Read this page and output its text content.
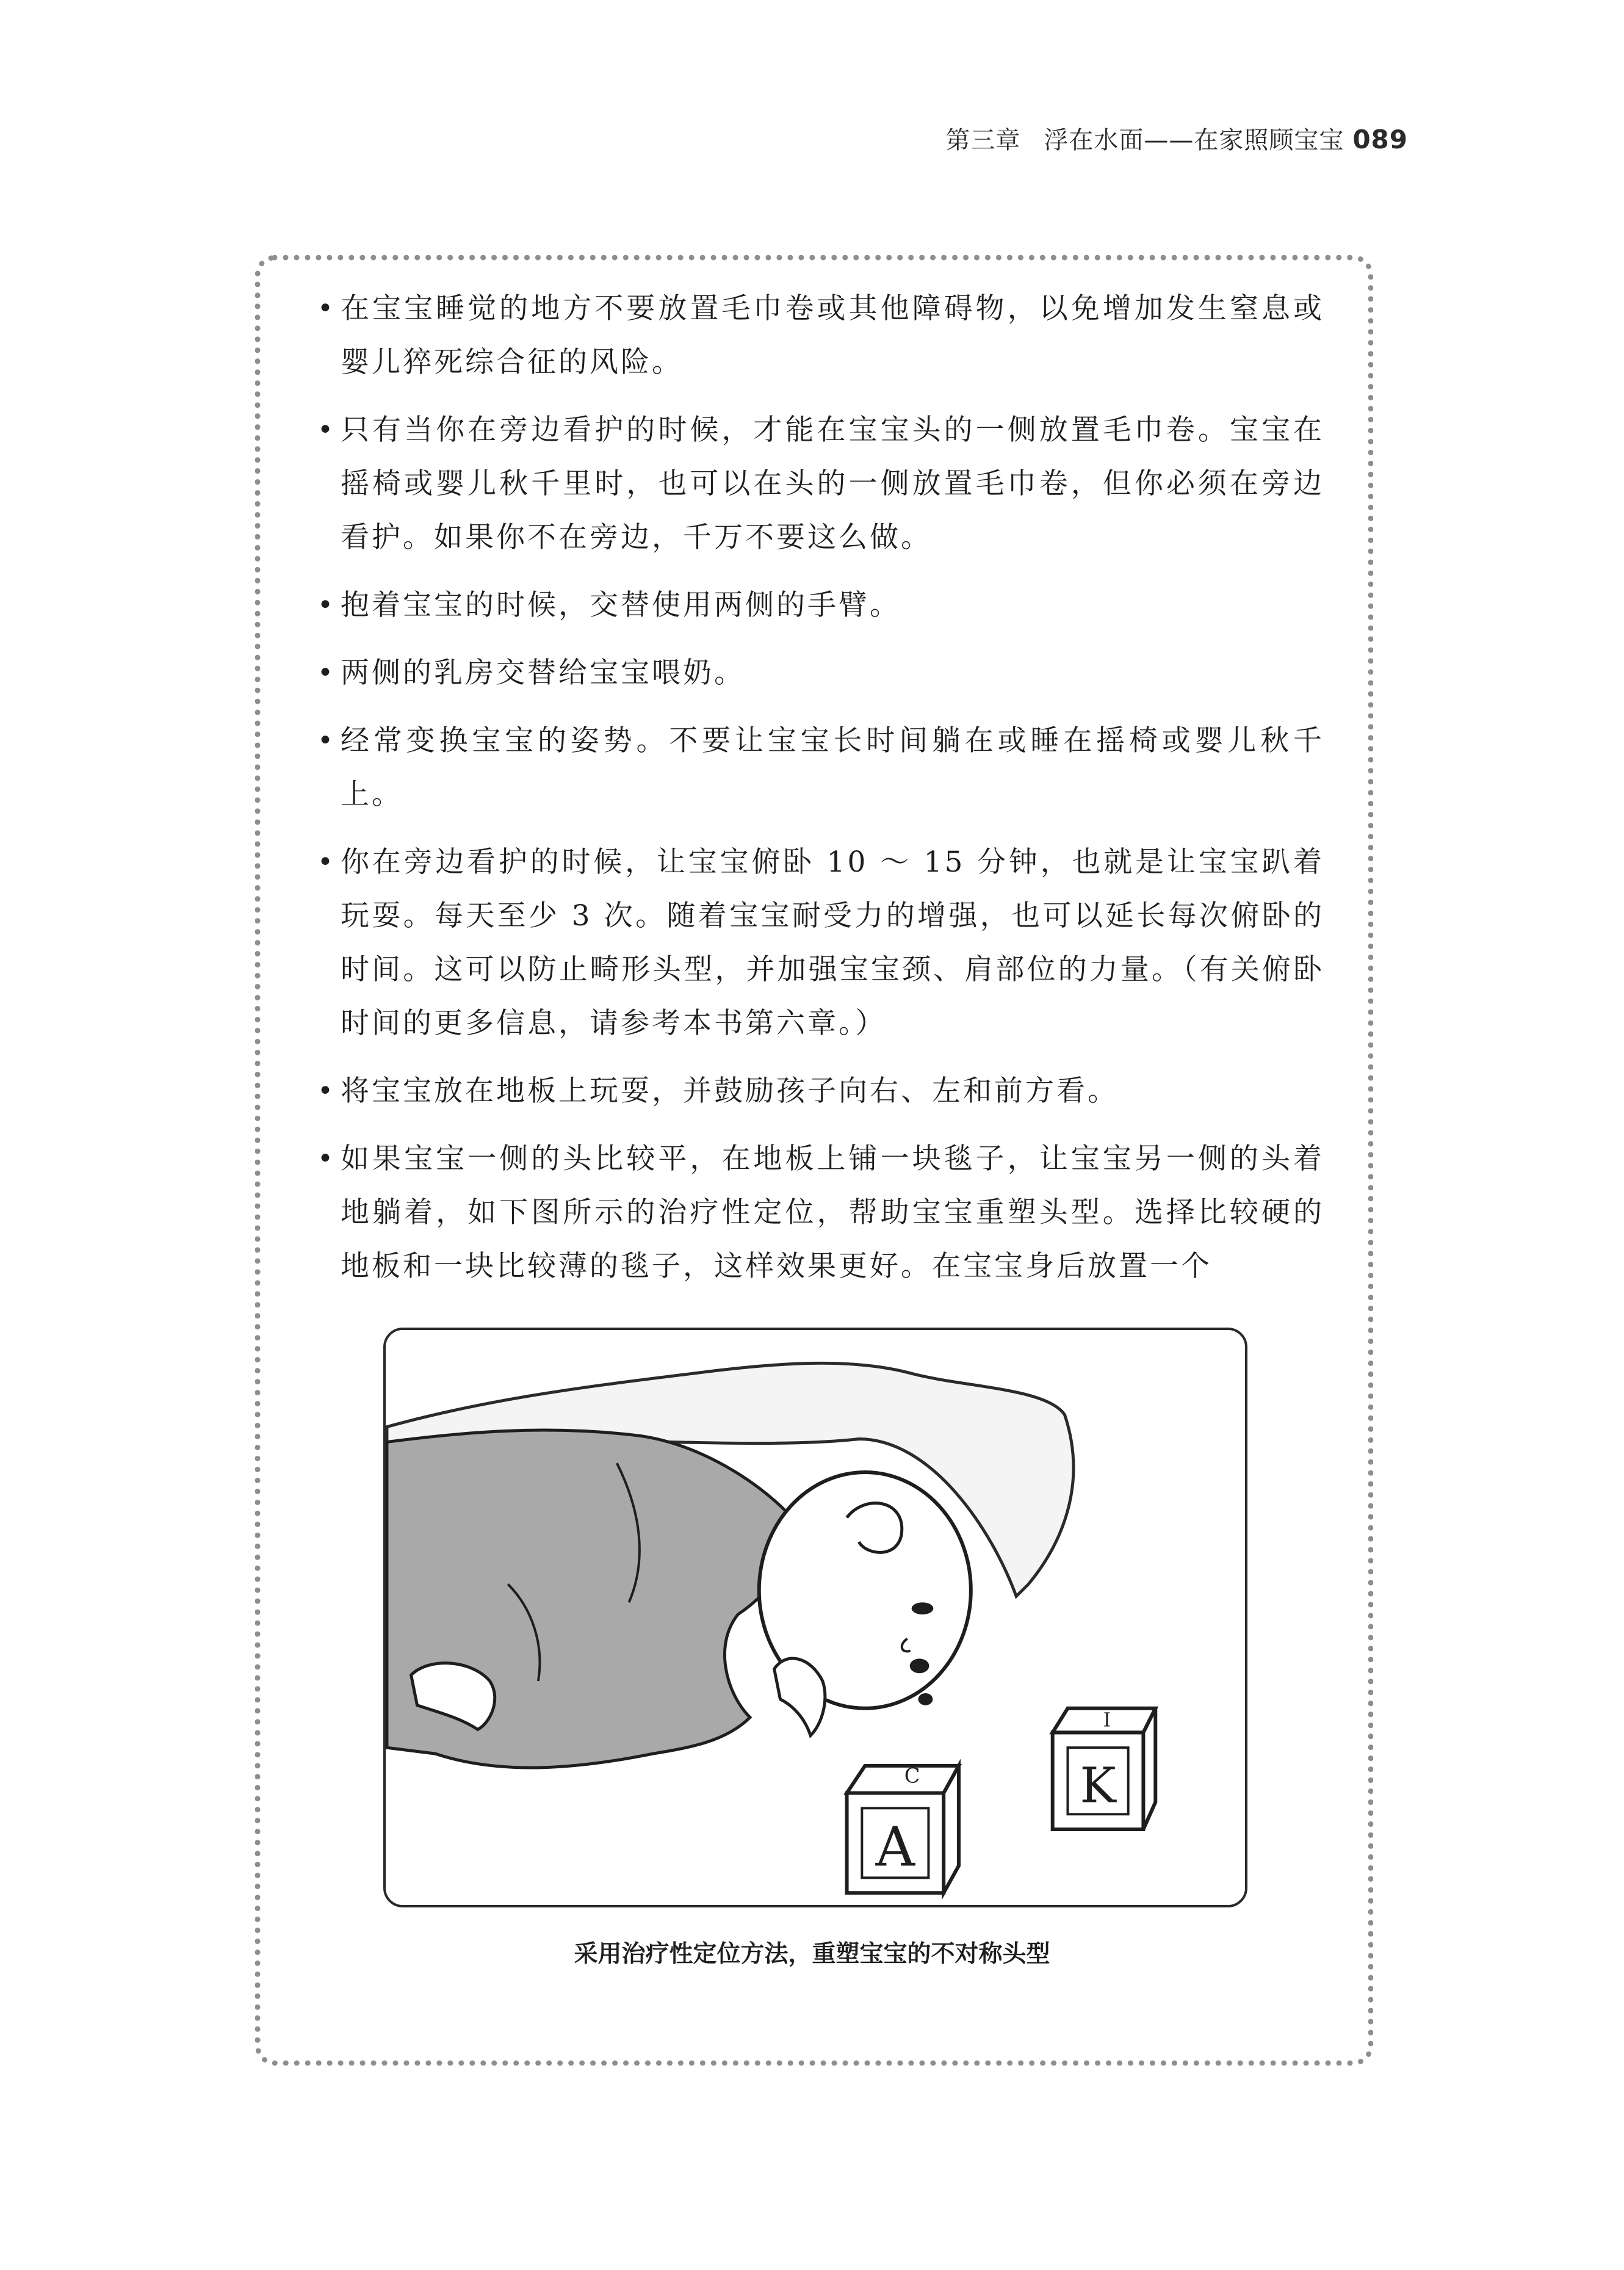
第三章 浮在水面——在家照顾宝宝 089
• 在宝宝睡觉的地方不要放置毛巾卷或其他障碍物，以免增加发生窒息或婴儿猝死综合征的风险。
• 只有当你在旁边看护的时候，才能在宝宝头的一侧放置毛巾卷。宝宝在摇椅或婴儿秋千里时，也可以在头的一侧放置毛巾卷，但你必须在旁边看护。如果你不在旁边，千万不要这么做。
• 抱着宝宝的时候，交替使用两侧的手臂。
• 两侧的乳房交替给宝宝喂奶。
• 经常变换宝宝的姿势。不要让宝宝长时间躺在或睡在摇椅或婴儿秋千上。
• 你在旁边看护的时候，让宝宝俯卧 10 ～ 15 分钟，也就是让宝宝趴着玩耍。每天至少 3 次。随着宝宝耐受力的增强，也可以延长每次俯卧的时间。这可以防止畸形头型，并加强宝宝颈、肩部位的力量。（有关俯卧时间的更多信息，请参考本书第六章。）
• 将宝宝放在地板上玩耍，并鼓励孩子向右、左和前方看。
• 如果宝宝一侧的头比较平，在地板上铺一块毯子，让宝宝另一侧的头着地躺着，如下图所示的治疗性定位，帮助宝宝重塑头型。选择比较硬的地板和一块比较薄的毯子，这样效果更好。在宝宝身后放置一个
A
C	K
I
采用治疗性定位方法，重塑宝宝的不对称头型
